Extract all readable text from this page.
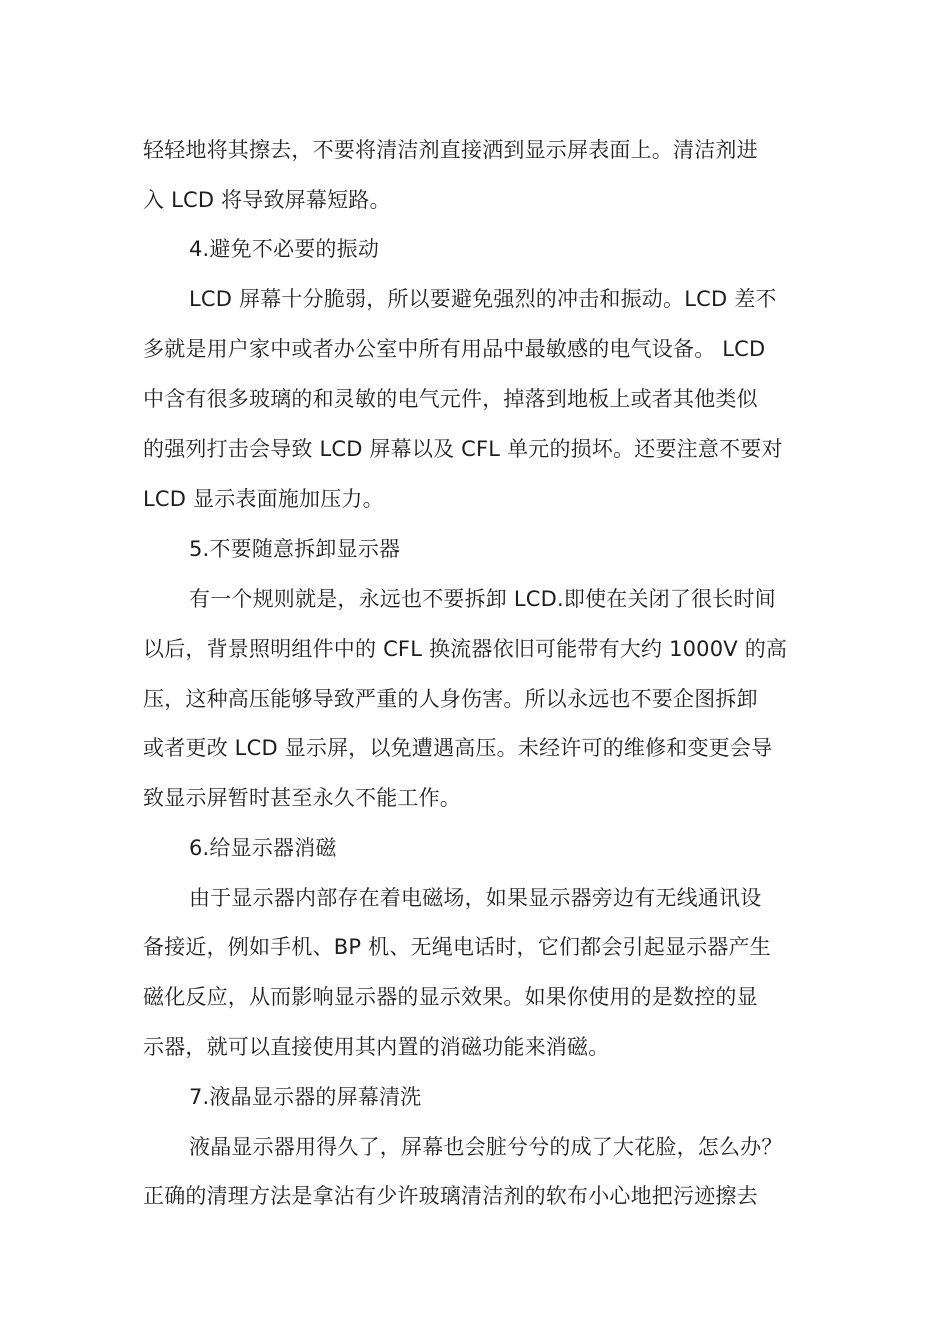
轻轻地将其擦去，不要将清洁剂直接洒到显示屏表面上。清洁剂进
入 LCD 将导致屏幕短路。
4.避免不必要的振动
LCD 屏幕十分脆弱，所以要避免强烈的冲击和振动。LCD 差不
多就是用户家中或者办公室中所有用品中最敏感的电气设备。 LCD
中含有很多玻璃的和灵敏的电气元件，掉落到地板上或者其他类似
的强列打击会导致 LCD 屏幕以及 CFL 单元的损坏。还要注意不要对
LCD 显示表面施加压力。
5.不要随意拆卸显示器
有一个规则就是，永远也不要拆卸 LCD.即使在关闭了很长时间
以后，背景照明组件中的 CFL 换流器依旧可能带有大约 1000V 的高
压，这种高压能够导致严重的人身伤害。所以永远也不要企图拆卸
或者更改 LCD 显示屏，以免遭遇高压。未经许可的维修和变更会导
致显示屏暂时甚至永久不能工作。
6.给显示器消磁
由于显示器内部存在着电磁场，如果显示器旁边有无线通讯设
备接近，例如手机、BP 机、无绳电话时，它们都会引起显示器产生
磁化反应，从而影响显示器的显示效果。如果你使用的是数控的显
示器，就可以直接使用其内置的消磁功能来消磁。
7.液晶显示器的屏幕清洗
液晶显示器用得久了，屏幕也会脏兮兮的成了大花脸，怎么办？
正确的清理方法是拿沾有少许玻璃清洁剂的软布小心地把污迹擦去
